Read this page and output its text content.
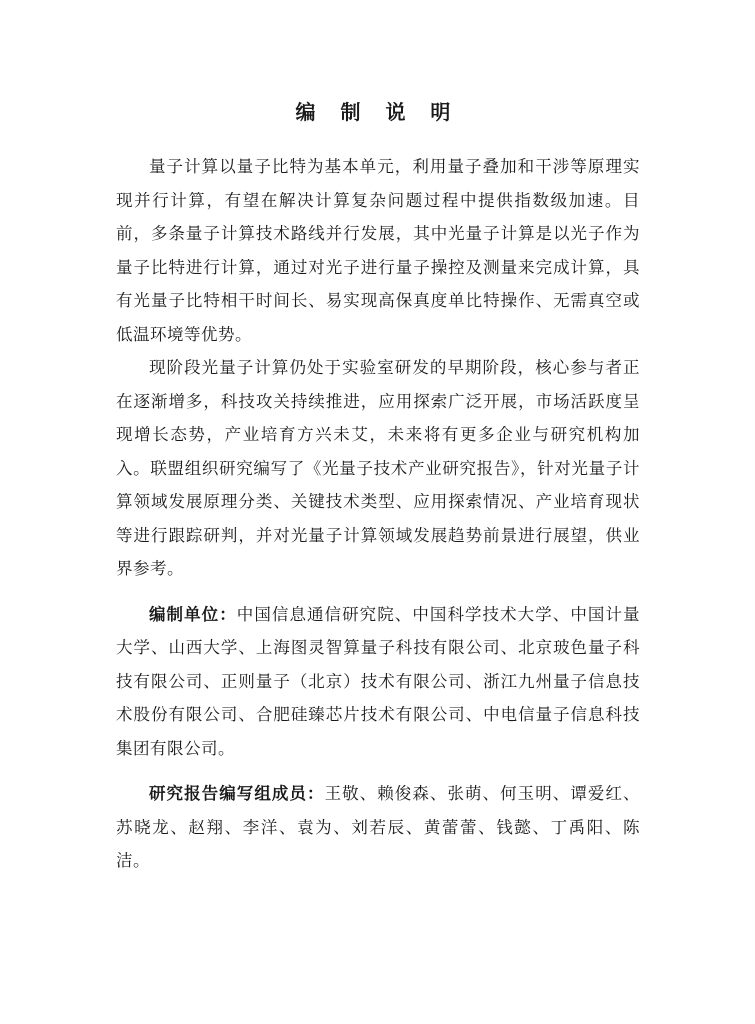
编 制 说 明

量子计算以量子比特为基本单元，利用量子叠加和干涉等原理实现并行计算，有望在解决计算复杂问题过程中提供指数级加速。目前，多条量子计算技术路线并行发展，其中光量子计算是以光子作为量子比特进行计算，通过对光子进行量子操控及测量来完成计算，具有光量子比特相干时间长、易实现高保真度单比特操作、无需真空或低温环境等优势。

现阶段光量子计算仍处于实验室研发的早期阶段，核心参与者正在逐渐增多，科技攻关持续推进，应用探索广泛开展，市场活跃度呈现增长态势，产业培育方兴未艾，未来将有更多企业与研究机构加入。联盟组织研究编写了《光量子技术产业研究报告》，针对光量子计算领域发展原理分类、关键技术类型、应用探索情况、产业培育现状等进行跟踪研判，并对光量子计算领域发展趋势前景进行展望，供业界参考。

编制单位：中国信息通信研究院、中国科学技术大学、中国计量大学、山西大学、上海图灵智算量子科技有限公司、北京玻色量子科技有限公司、正则量子（北京）技术有限公司、浙江九州量子信息技术股份有限公司、合肥硅臻芯片技术有限公司、中电信量子信息科技集团有限公司。

研究报告编写组成员：王敬、赖俊森、张萌、何玉明、谭爱红、苏晓龙、赵翔、李洋、袁为、刘若辰、黄蕾蕾、钱懿、丁禹阳、陈洁。
